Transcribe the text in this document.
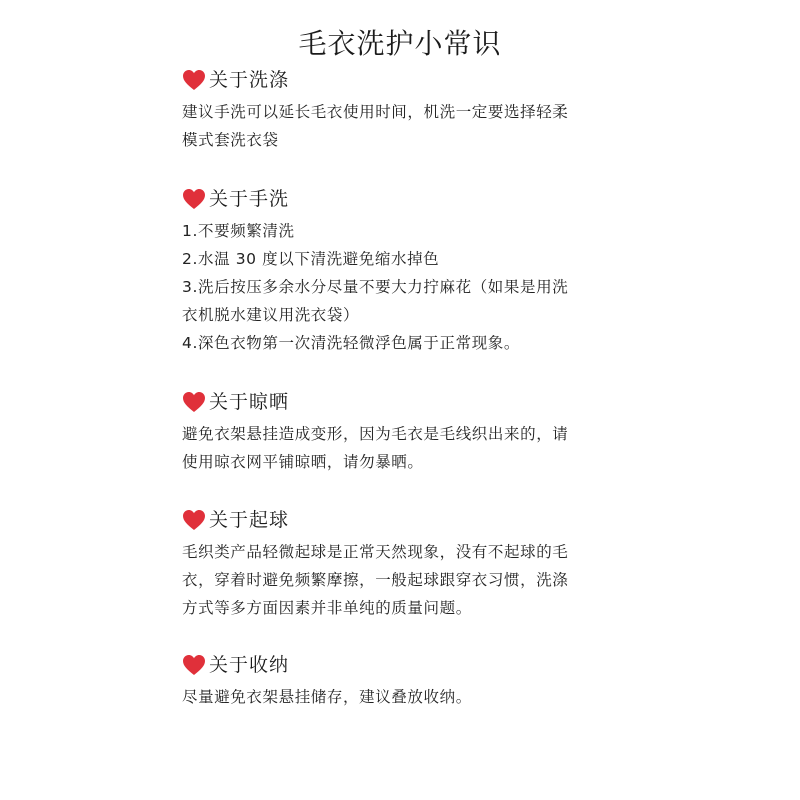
毛衣洗护小常识
关于洗涤
建议手洗可以延长毛衣使用时间，机洗一定要选择轻柔
模式套洗衣袋
关于手洗
1.不要频繁清洗
2.水温 30 度以下清洗避免缩水掉色
3.洗后按压多余水分尽量不要大力拧麻花（如果是用洗
衣机脱水建议用洗衣袋）
4.深色衣物第一次清洗轻微浮色属于正常现象。
关于晾晒
避免衣架悬挂造成变形，因为毛衣是毛线织出来的，请
使用晾衣网平铺晾晒，请勿暴晒。
关于起球
毛织类产品轻微起球是正常天然现象，没有不起球的毛
衣，穿着时避免频繁摩擦，一般起球跟穿衣习惯，洗涤
方式等多方面因素并非单纯的质量问题。
关于收纳
尽量避免衣架悬挂储存，建议叠放收纳。
